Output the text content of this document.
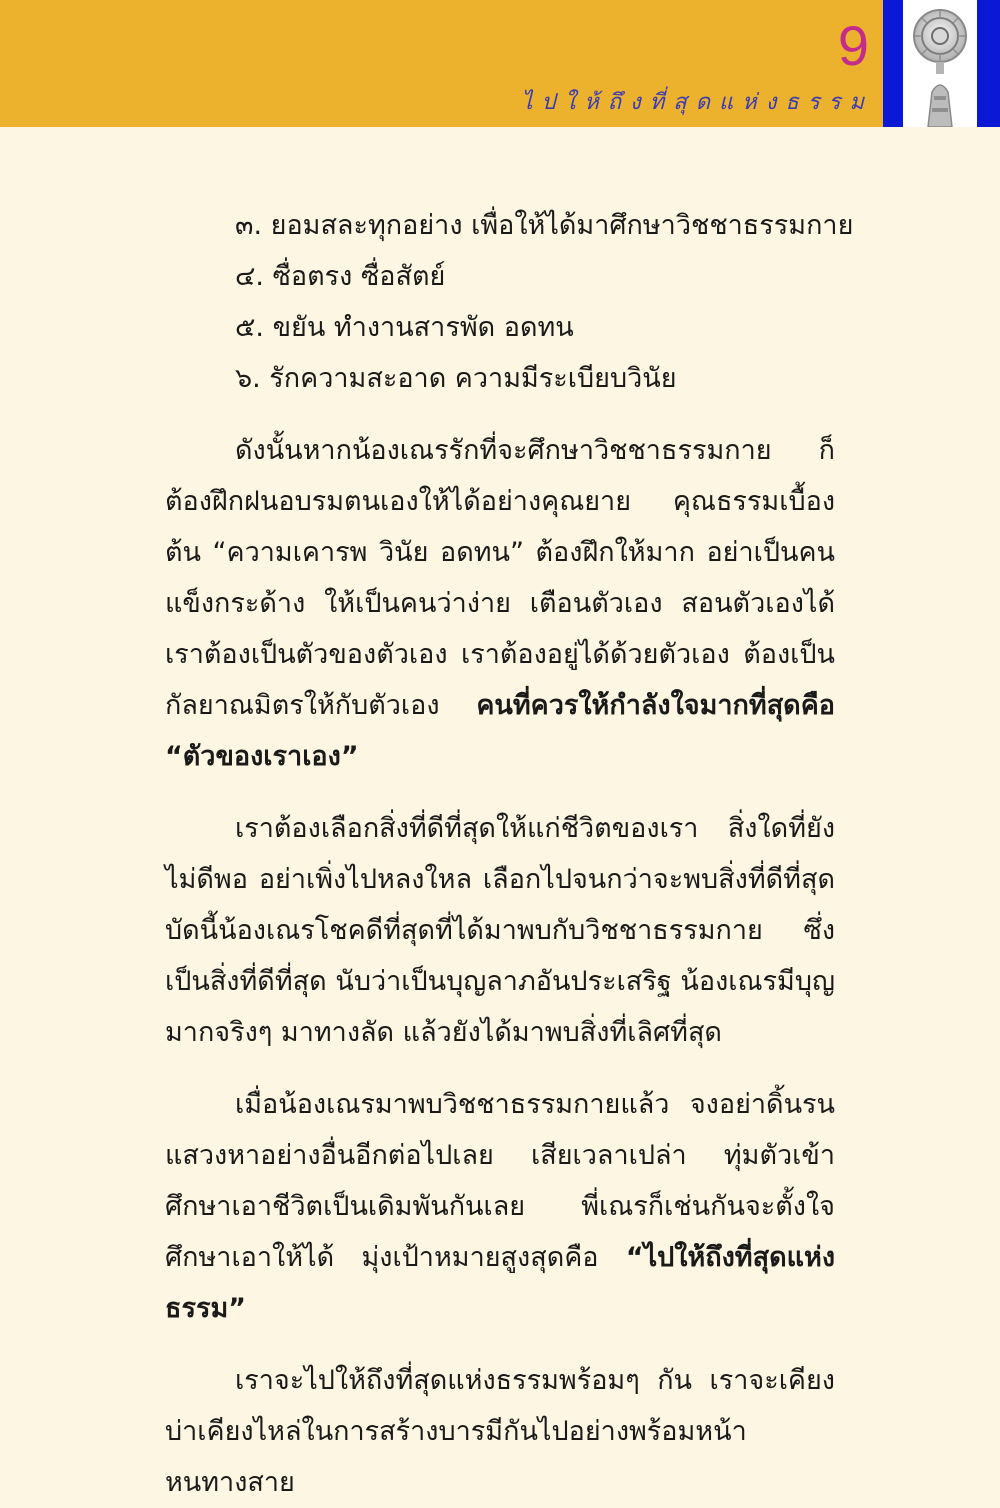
9
ไปให้ถึงที่สุดแห่งธรรม
๓. ยอมสละทุกอย่าง เพื่อให้ได้มาศึกษาวิชชาธรรมกาย
๔. ซื่อตรง ซื่อสัตย์
๕. ขยัน ทำงานสารพัด อดทน
๖. รักความสะอาด ความมีระเบียบวินัย
ดังนั้นหากน้องเณรรักที่จะศึกษาวิชชาธรรมกาย ก็ต้องฝึกฝนอบรมตนเองให้ได้อย่างคุณยาย คุณธรรมเบื้องต้น “ความเคารพ วินัย อดทน” ต้องฝึกให้มาก อย่าเป็นคนแข็งกระด้าง ให้เป็นคนว่าง่าย เตือนตัวเอง สอนตัวเองได้ เราต้องเป็นตัวของตัวเอง เราต้องอยู่ได้ด้วยตัวเอง ต้องเป็นกัลยาณมิตรให้กับตัวเอง คนที่ควรให้กำลังใจมากที่สุดคือ “ตัวของเราเอง”
เราต้องเลือกสิ่งที่ดีที่สุดให้แก่ชีวิตของเรา สิ่งใดที่ยังไม่ดีพอ อย่าเพิ่งไปหลงใหล เลือกไปจนกว่าจะพบสิ่งที่ดีที่สุด บัดนี้น้องเณรโชคดีที่สุดที่ได้มาพบกับวิชชาธรรมกาย ซึ่งเป็นสิ่งที่ดีที่สุด นับว่าเป็นบุญลาภอันประเสริฐ น้องเณรมีบุญมากจริงๆ มาทางลัด แล้วยังได้มาพบสิ่งที่เลิศที่สุด
เมื่อน้องเณรมาพบวิชชาธรรมกายแล้ว จงอย่าดิ้นรนแสวงหาอย่างอื่นอีกต่อไปเลย เสียเวลาเปล่า ทุ่มตัวเข้าศึกษาเอาชีวิตเป็นเดิมพันกันเลย พี่เณรก็เช่นกันจะตั้งใจศึกษาเอาให้ได้ มุ่งเป้าหมายสูงสุดคือ “ไปให้ถึงที่สุดแห่งธรรม”
เราจะไปให้ถึงที่สุดแห่งธรรมพร้อมๆ กัน เราจะเคียงบ่าเคียงไหล่ในการสร้างบารมีกันไปอย่างพร้อมหน้า หนทางสาย
